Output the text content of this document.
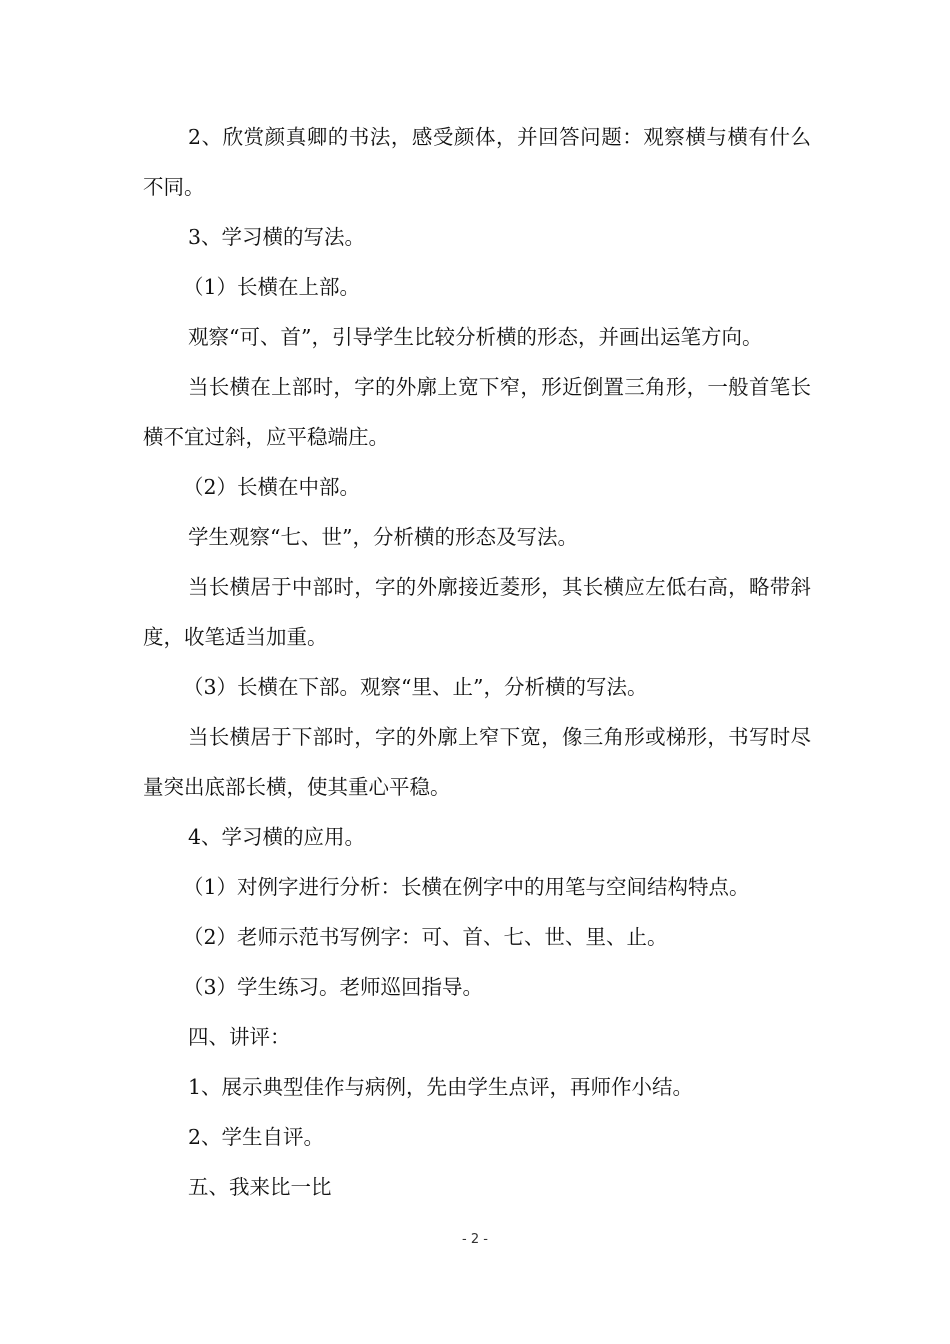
2、欣赏颜真卿的书法，感受颜体，并回答问题：观察横与横有什么不同。

3、学习横的写法。

（1）长横在上部。

观察“可、首”，引导学生比较分析横的形态，并画出运笔方向。

当长横在上部时，字的外廓上宽下窄，形近倒置三角形，一般首笔长横不宜过斜，应平稳端庄。

（2）长横在中部。

学生观察“七、世”，分析横的形态及写法。

当长横居于中部时，字的外廓接近菱形，其长横应左低右高，略带斜度，收笔适当加重。

（3）长横在下部。观察“里、止”，分析横的写法。

当长横居于下部时，字的外廓上窄下宽，像三角形或梯形，书写时尽量突出底部长横，使其重心平稳。

4、学习横的应用。

（1）对例字进行分析：长横在例字中的用笔与空间结构特点。

（2）老师示范书写例字：可、首、七、世、里、止。

（3）学生练习。老师巡回指导。

四、讲评：

1、展示典型佳作与病例，先由学生点评，再师作小结。

2、学生自评。

五、我来比一比

- 2 -
